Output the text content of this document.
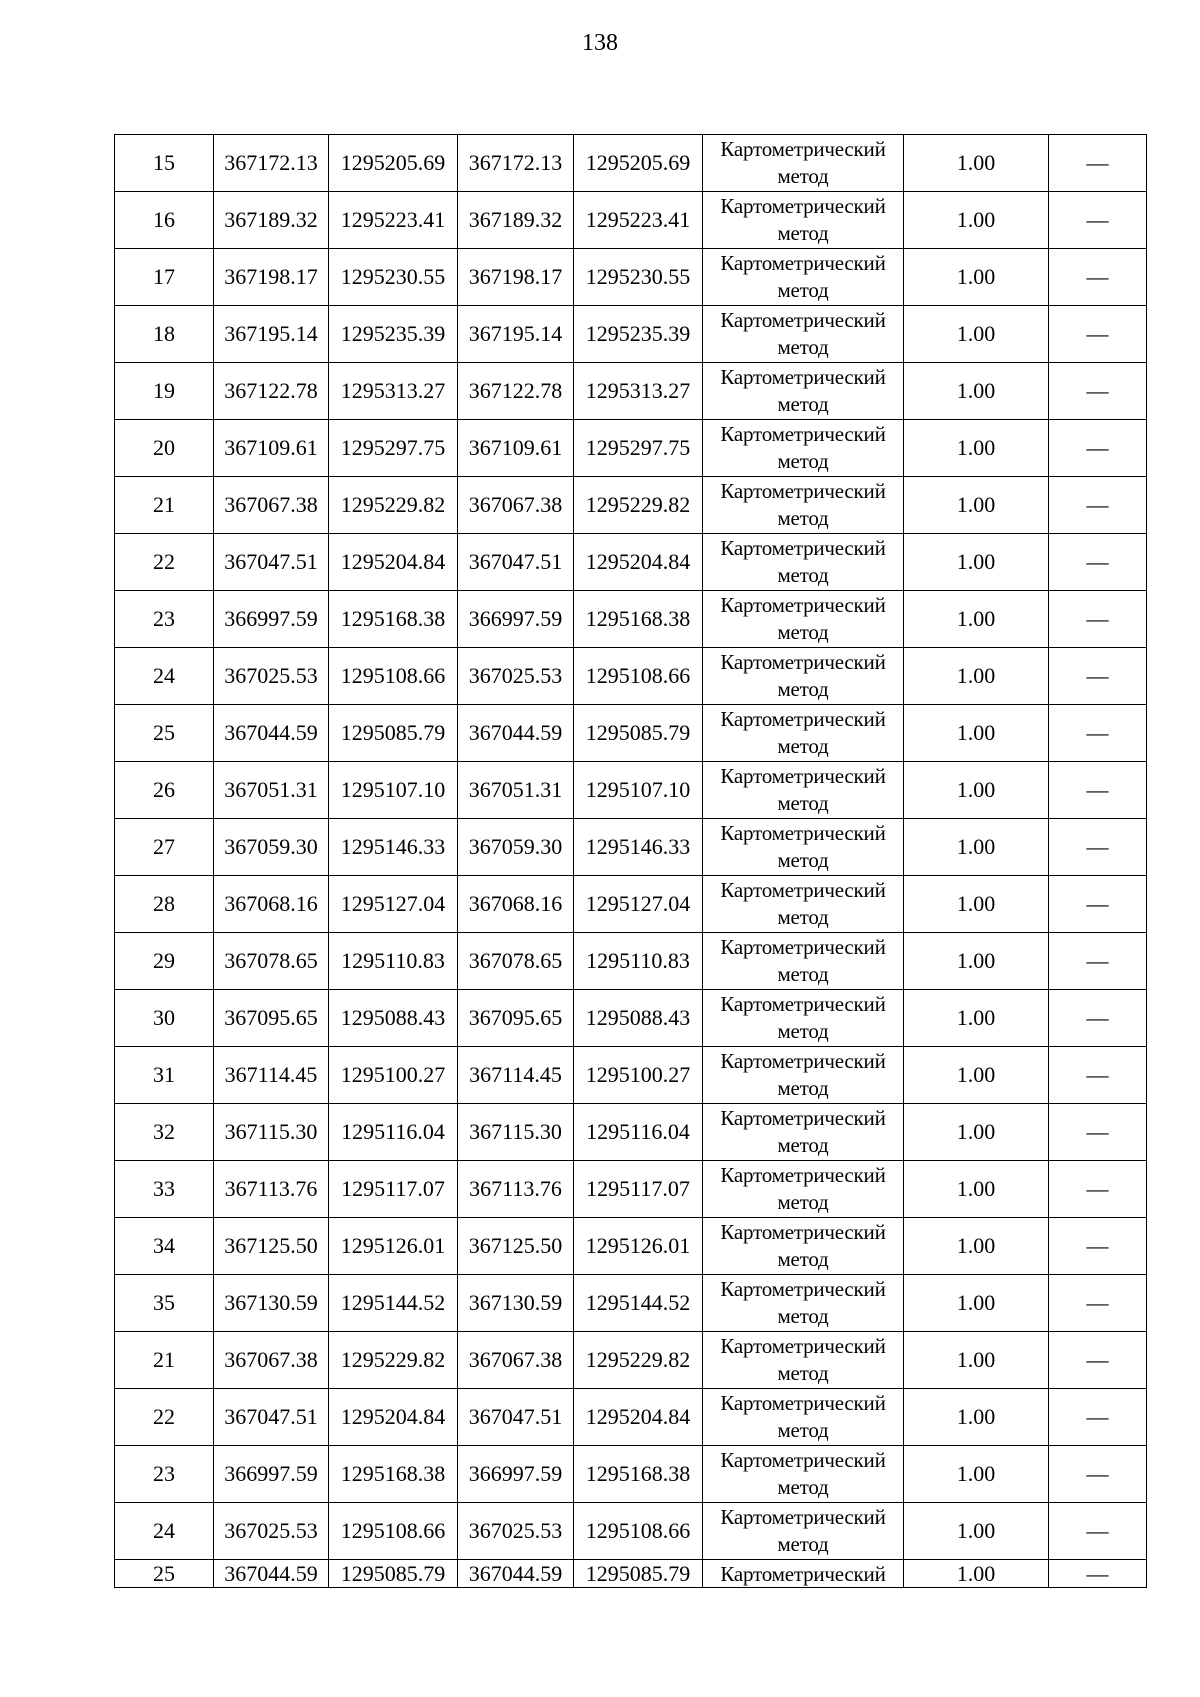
138
15	367172.13	1295205.69	367172.13	1295205.69	Картометрический метод	1.00	—
16	367189.32	1295223.41	367189.32	1295223.41	Картометрический метод	1.00	—
17	367198.17	1295230.55	367198.17	1295230.55	Картометрический метод	1.00	—
18	367195.14	1295235.39	367195.14	1295235.39	Картометрический метод	1.00	—
19	367122.78	1295313.27	367122.78	1295313.27	Картометрический метод	1.00	—
20	367109.61	1295297.75	367109.61	1295297.75	Картометрический метод	1.00	—
21	367067.38	1295229.82	367067.38	1295229.82	Картометрический метод	1.00	—
22	367047.51	1295204.84	367047.51	1295204.84	Картометрический метод	1.00	—
23	366997.59	1295168.38	366997.59	1295168.38	Картометрический метод	1.00	—
24	367025.53	1295108.66	367025.53	1295108.66	Картометрический метод	1.00	—
25	367044.59	1295085.79	367044.59	1295085.79	Картометрический метод	1.00	—
26	367051.31	1295107.10	367051.31	1295107.10	Картометрический метод	1.00	—
27	367059.30	1295146.33	367059.30	1295146.33	Картометрический метод	1.00	—
28	367068.16	1295127.04	367068.16	1295127.04	Картометрический метод	1.00	—
29	367078.65	1295110.83	367078.65	1295110.83	Картометрический метод	1.00	—
30	367095.65	1295088.43	367095.65	1295088.43	Картометрический метод	1.00	—
31	367114.45	1295100.27	367114.45	1295100.27	Картометрический метод	1.00	—
32	367115.30	1295116.04	367115.30	1295116.04	Картометрический метод	1.00	—
33	367113.76	1295117.07	367113.76	1295117.07	Картометрический метод	1.00	—
34	367125.50	1295126.01	367125.50	1295126.01	Картометрический метод	1.00	—
35	367130.59	1295144.52	367130.59	1295144.52	Картометрический метод	1.00	—
21	367067.38	1295229.82	367067.38	1295229.82	Картометрический метод	1.00	—
22	367047.51	1295204.84	367047.51	1295204.84	Картометрический метод	1.00	—
23	366997.59	1295168.38	366997.59	1295168.38	Картометрический метод	1.00	—
24	367025.53	1295108.66	367025.53	1295108.66	Картометрический метод	1.00	—
25	367044.59	1295085.79	367044.59	1295085.79	Картометрический	1.00	—
